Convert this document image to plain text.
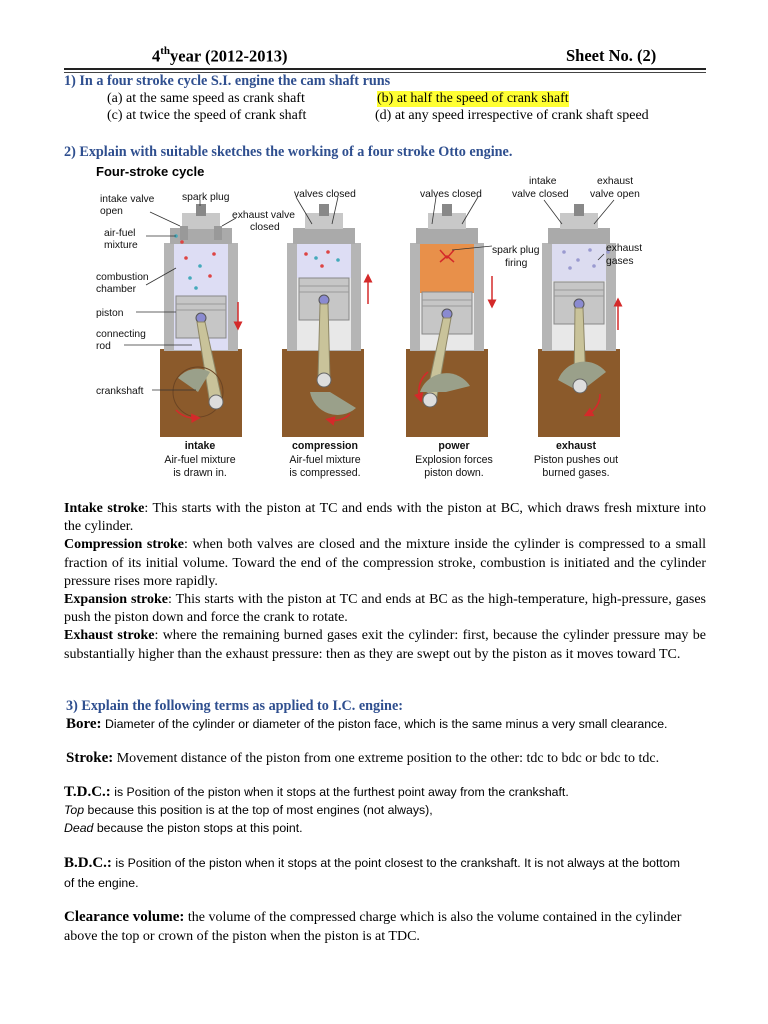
4thyear (2012-2013)	Sheet No. (2)
1) In a four stroke cycle S.I. engine the cam shaft runs
(a) at the same speed as crank shaft	(b) at half the speed of crank shaft
(c) at twice the speed of crank shaft	(d) at any speed irrespective of crank shaft speed
2) Explain with suitable sketches the working of a four stroke Otto engine.
Four-stroke cycle
intake valve
open
spark plug
exhaust valve
closed
air-fuel
mixture
combustion
chamber
piston
connecting
rod
crankshaft
valves closed	valves closed
spark plug
firing
intake
valve closed
exhaust
valve open
exhaust
gases
intake
Air-fuel mixture
is drawn in.
compression
Air-fuel mixture
is compressed.
power
Explosion forces
piston down.
exhaust
Piston pushes out
burned gases.
Intake stroke: This starts with the piston at TC and ends with the piston at BC, which draws fresh mixture into the cylinder.
Compression stroke: when both valves are closed and the mixture inside the cylinder is compressed to a small fraction of its initial volume. Toward the end of the compression stroke, combustion is initiated and the cylinder pressure rises more rapidly.
Expansion stroke: This starts with the piston at TC and ends at BC as the high-temperature, high-pressure, gases push the piston down and force the crank to rotate.
Exhaust stroke: where the remaining burned gases exit the cylinder: first, because the cylinder pressure may be substantially higher than the exhaust pressure: then as they are swept out by the piston as it moves toward TC.
3) Explain the following terms as applied to I.C. engine:
Bore: Diameter of the cylinder or diameter of the piston face, which is the same minus a very small clearance.
Stroke: Movement distance of the piston from one extreme position to the other: tdc to bdc or bdc to tdc.
T.D.C.: is Position of the piston when it stops at the furthest point away from the crankshaft.
Top because this position is at the top of most engines (not always),
Dead because the piston stops at this point.
B.D.C.: is Position of the piston when it stops at the point closest to the crankshaft. It is not always at the bottom of the engine.
Clearance volume: the volume of the compressed charge which is also the volume contained in the cylinder above the top or crown of the piston when the piston is at TDC.
